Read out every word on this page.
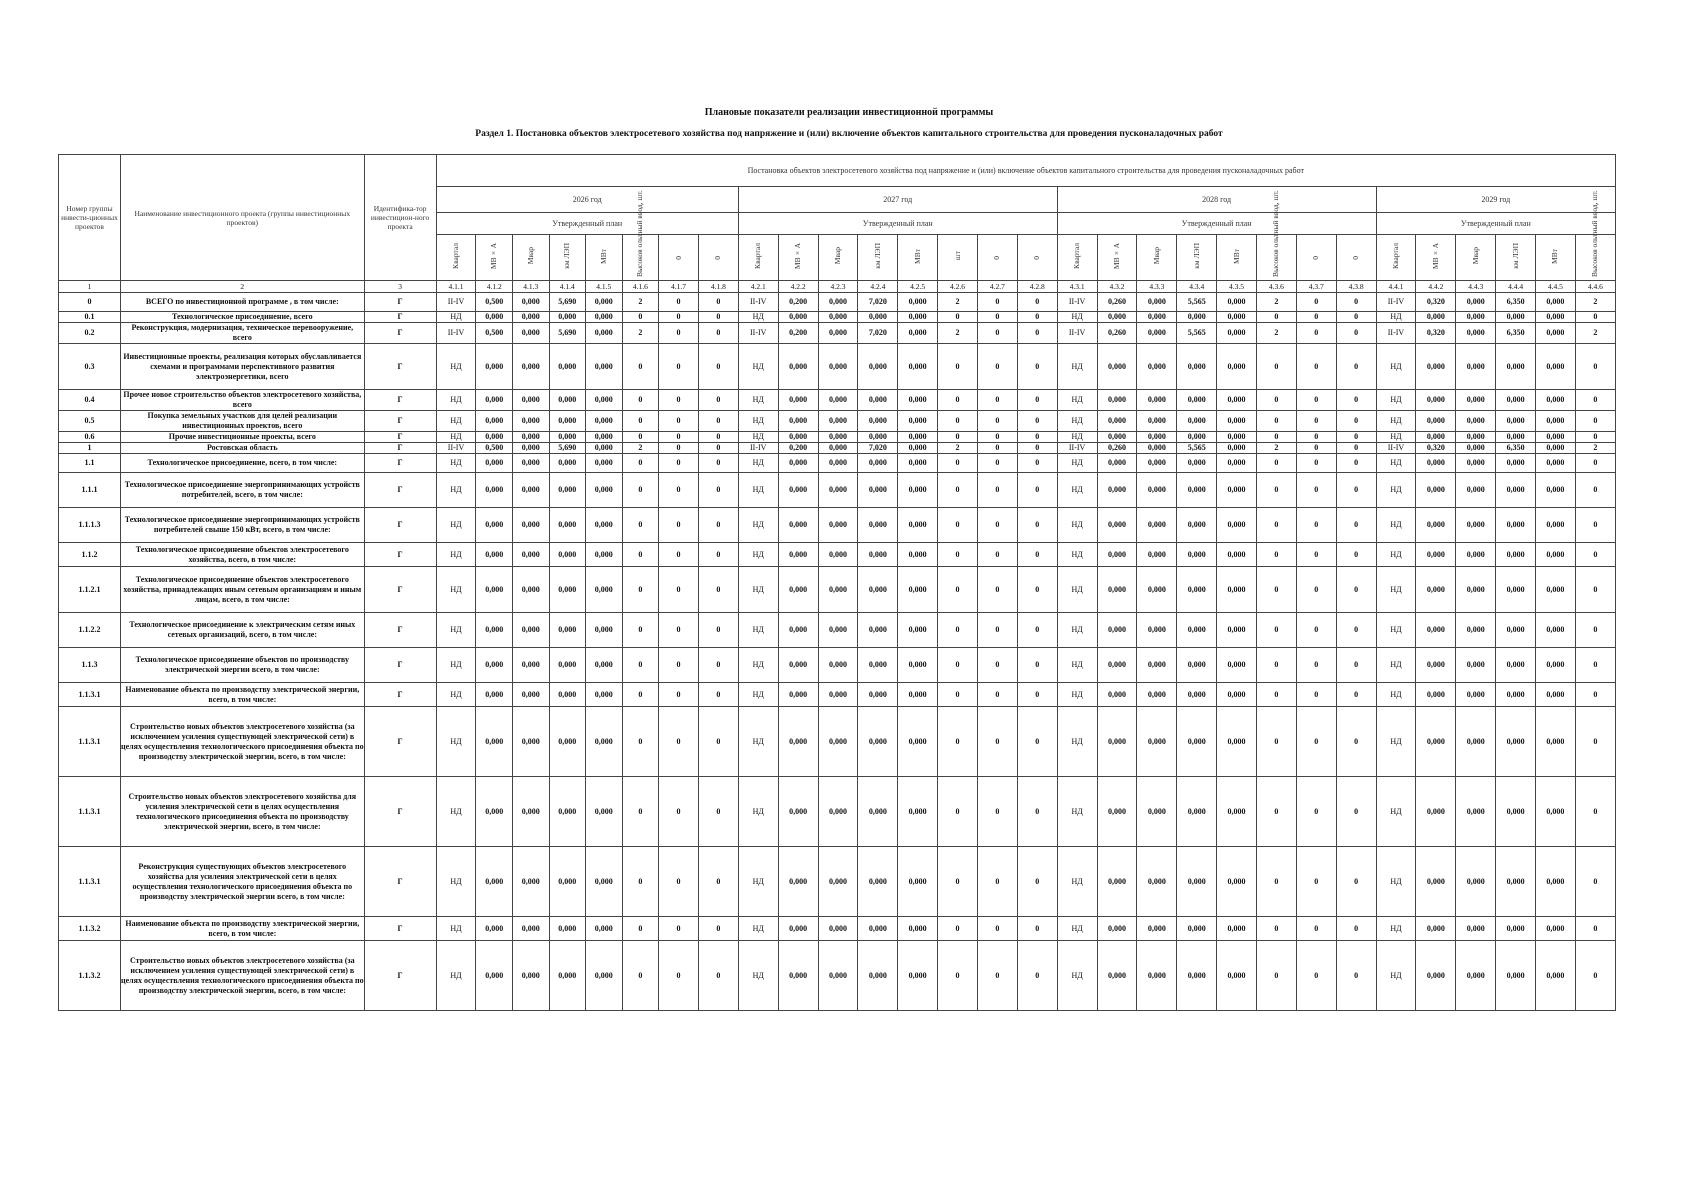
Плановые показатели реализации инвестиционной программы
Раздел 1. Постановка объектов электросетевого хозяйства под напряжение и (или) включение объектов капитального строительства для проведения пусконаладочных работ
Номер группы инвести-ционных проектов	Наименование инвестиционного проекта (группы инвестиционных проектов)	Идентифика-тор инвестицион-ного проекта	Постановка объектов электросетевого хозяйства под напряжение и (или) включение объектов капитального строительства для проведения пусконаладочных работ																													
			2026 год								2027 год								2028 год								2029 год					
			Утвержденный план								Утвержденный план								Утвержденный план								Утвержденный план					
			Квартал	МВ×А	Мвар	км ЛЭП	МВт	Высоков ольтный ввод, шт.	0	0	Квартал	МВ×А	Мвар	км ЛЭП	МВт	шт	0	0	Квартал	МВ×А	Мвар	км ЛЭП	МВт	Высоков ольтный ввод, шт.	0	0	Квартал	МВ×А	Мвар	км ЛЭП	МВт	Высоков ольтный ввод, шт.
1	2	3	4.1.1	4.1.2	4.1.3	4.1.4	4.1.5	4.1.6	4.1.7	4.1.8	4.2.1	4.2.2	4.2.3	4.2.4	4.2.5	4.2.6	4.2.7	4.2.8	4.3.1	4.3.2	4.3.3	4.3.4	4.3.5	4.3.6	4.3.7	4.3.8	4.4.1	4.4.2	4.4.3	4.4.4	4.4.5	4.4.6
0	ВСЕГО по инвестиционной программе , в том числе:	Г	II-IV	0,500	0,000	5,690	0,000	2	0	0	II-IV	0,200	0,000	7,020	0,000	2	0	0	II-IV	0,260	0,000	5,565	0,000	2	0	0	II-IV	0,320	0,000	6,350	0,000	2
0.1	Технологическое присоединение, всего	Г	НД	0,000	0,000	0,000	0,000	0	0	0	НД	0,000	0,000	0,000	0,000	0	0	0	НД	0,000	0,000	0,000	0,000	0	0	0	НД	0,000	0,000	0,000	0,000	0
0.2	Реконструкция, модернизация, техническое перевооружение, всего	Г	II-IV	0,500	0,000	5,690	0,000	2	0	0	II-IV	0,200	0,000	7,020	0,000	2	0	0	II-IV	0,260	0,000	5,565	0,000	2	0	0	II-IV	0,320	0,000	6,350	0,000	2
0.3	Инвестиционные проекты, реализация которых обуславливается схемами и программами перспективного развития электроэнергетики, всего	Г	НД	0,000	0,000	0,000	0,000	0	0	0	НД	0,000	0,000	0,000	0,000	0	0	0	НД	0,000	0,000	0,000	0,000	0	0	0	НД	0,000	0,000	0,000	0,000	0
0.4	Прочее новое строительство объектов электросетевого хозяйства, всего	Г	НД	0,000	0,000	0,000	0,000	0	0	0	НД	0,000	0,000	0,000	0,000	0	0	0	НД	0,000	0,000	0,000	0,000	0	0	0	НД	0,000	0,000	0,000	0,000	0
0.5	Покупка земельных участков для целей реализации инвестиционных проектов, всего	Г	НД	0,000	0,000	0,000	0,000	0	0	0	НД	0,000	0,000	0,000	0,000	0	0	0	НД	0,000	0,000	0,000	0,000	0	0	0	НД	0,000	0,000	0,000	0,000	0
0.6	Прочие инвестиционные проекты, всего	Г	НД	0,000	0,000	0,000	0,000	0	0	0	НД	0,000	0,000	0,000	0,000	0	0	0	НД	0,000	0,000	0,000	0,000	0	0	0	НД	0,000	0,000	0,000	0,000	0
1	Ростовская область	Г	II-IV	0,500	0,000	5,690	0,000	2	0	0	II-IV	0,200	0,000	7,020	0,000	2	0	0	II-IV	0,260	0,000	5,565	0,000	2	0	0	II-IV	0,320	0,000	6,350	0,000	2
1.1	Технологическое присоединение, всего, в том числе:	Г	НД	0,000	0,000	0,000	0,000	0	0	0	НД	0,000	0,000	0,000	0,000	0	0	0	НД	0,000	0,000	0,000	0,000	0	0	0	НД	0,000	0,000	0,000	0,000	0
1.1.1	Технологическое присоединение энергопринимающих устройств потребителей, всего, в том числе:	Г	НД	0,000	0,000	0,000	0,000	0	0	0	НД	0,000	0,000	0,000	0,000	0	0	0	НД	0,000	0,000	0,000	0,000	0	0	0	НД	0,000	0,000	0,000	0,000	0
1.1.1.3	Технологическое присоединение энергопринимающих устройств потребителей свыше 150 кВт, всего, в том числе:	Г	НД	0,000	0,000	0,000	0,000	0	0	0	НД	0,000	0,000	0,000	0,000	0	0	0	НД	0,000	0,000	0,000	0,000	0	0	0	НД	0,000	0,000	0,000	0,000	0
1.1.2	Технологическое присоединение объектов электросетевого хозяйства, всего, в том числе:	Г	НД	0,000	0,000	0,000	0,000	0	0	0	НД	0,000	0,000	0,000	0,000	0	0	0	НД	0,000	0,000	0,000	0,000	0	0	0	НД	0,000	0,000	0,000	0,000	0
1.1.2.1	Технологическое присоединение объектов электросетевого хозяйства, принадлежащих иным сетевым организациям и иным лицам, всего, в том числе:	Г	НД	0,000	0,000	0,000	0,000	0	0	0	НД	0,000	0,000	0,000	0,000	0	0	0	НД	0,000	0,000	0,000	0,000	0	0	0	НД	0,000	0,000	0,000	0,000	0
1.1.2.2	Технологическое присоединение к электрическим сетям иных сетевых организаций, всего, в том числе:	Г	НД	0,000	0,000	0,000	0,000	0	0	0	НД	0,000	0,000	0,000	0,000	0	0	0	НД	0,000	0,000	0,000	0,000	0	0	0	НД	0,000	0,000	0,000	0,000	0
1.1.3	Технологическое присоединение объектов по производству электрической энергии всего, в том числе:	Г	НД	0,000	0,000	0,000	0,000	0	0	0	НД	0,000	0,000	0,000	0,000	0	0	0	НД	0,000	0,000	0,000	0,000	0	0	0	НД	0,000	0,000	0,000	0,000	0
1.1.3.1	Наименование объекта по производству электрической энергии, всего, в том числе:	Г	НД	0,000	0,000	0,000	0,000	0	0	0	НД	0,000	0,000	0,000	0,000	0	0	0	НД	0,000	0,000	0,000	0,000	0	0	0	НД	0,000	0,000	0,000	0,000	0
1.1.3.1	Строительство новых объектов электросетевого хозяйства (за исключением усиления существующей электрической сети) в целях осуществления технологического присоединения объекта по производству электрической энергии, всего, в том числе:	Г	НД	0,000	0,000	0,000	0,000	0	0	0	НД	0,000	0,000	0,000	0,000	0	0	0	НД	0,000	0,000	0,000	0,000	0	0	0	НД	0,000	0,000	0,000	0,000	0
1.1.3.1	Строительство новых объектов электросетевого хозяйства для усиления электрической сети в целях осуществления технологического присоединения объекта по производству электрической энергии, всего, в том числе:	Г	НД	0,000	0,000	0,000	0,000	0	0	0	НД	0,000	0,000	0,000	0,000	0	0	0	НД	0,000	0,000	0,000	0,000	0	0	0	НД	0,000	0,000	0,000	0,000	0
1.1.3.1	Реконструкция существующих объектов электросетевого хозяйства для усиления электрической сети в целях осуществления технологического присоединения объекта по производству электрической энергии всего, в том числе:	Г	НД	0,000	0,000	0,000	0,000	0	0	0	НД	0,000	0,000	0,000	0,000	0	0	0	НД	0,000	0,000	0,000	0,000	0	0	0	НД	0,000	0,000	0,000	0,000	0
1.1.3.2	Наименование объекта по производству электрической энергии, всего, в том числе:	Г	НД	0,000	0,000	0,000	0,000	0	0	0	НД	0,000	0,000	0,000	0,000	0	0	0	НД	0,000	0,000	0,000	0,000	0	0	0	НД	0,000	0,000	0,000	0,000	0
1.1.3.2	Строительство новых объектов электросетевого хозяйства (за исключением усиления существующей электрической сети) в целях осуществления технологического присоединения объекта по производству электрической энергии, всего, в том числе:	Г	НД	0,000	0,000	0,000	0,000	0	0	0	НД	0,000	0,000	0,000	0,000	0	0	0	НД	0,000	0,000	0,000	0,000	0	0	0	НД	0,000	0,000	0,000	0,000	0
